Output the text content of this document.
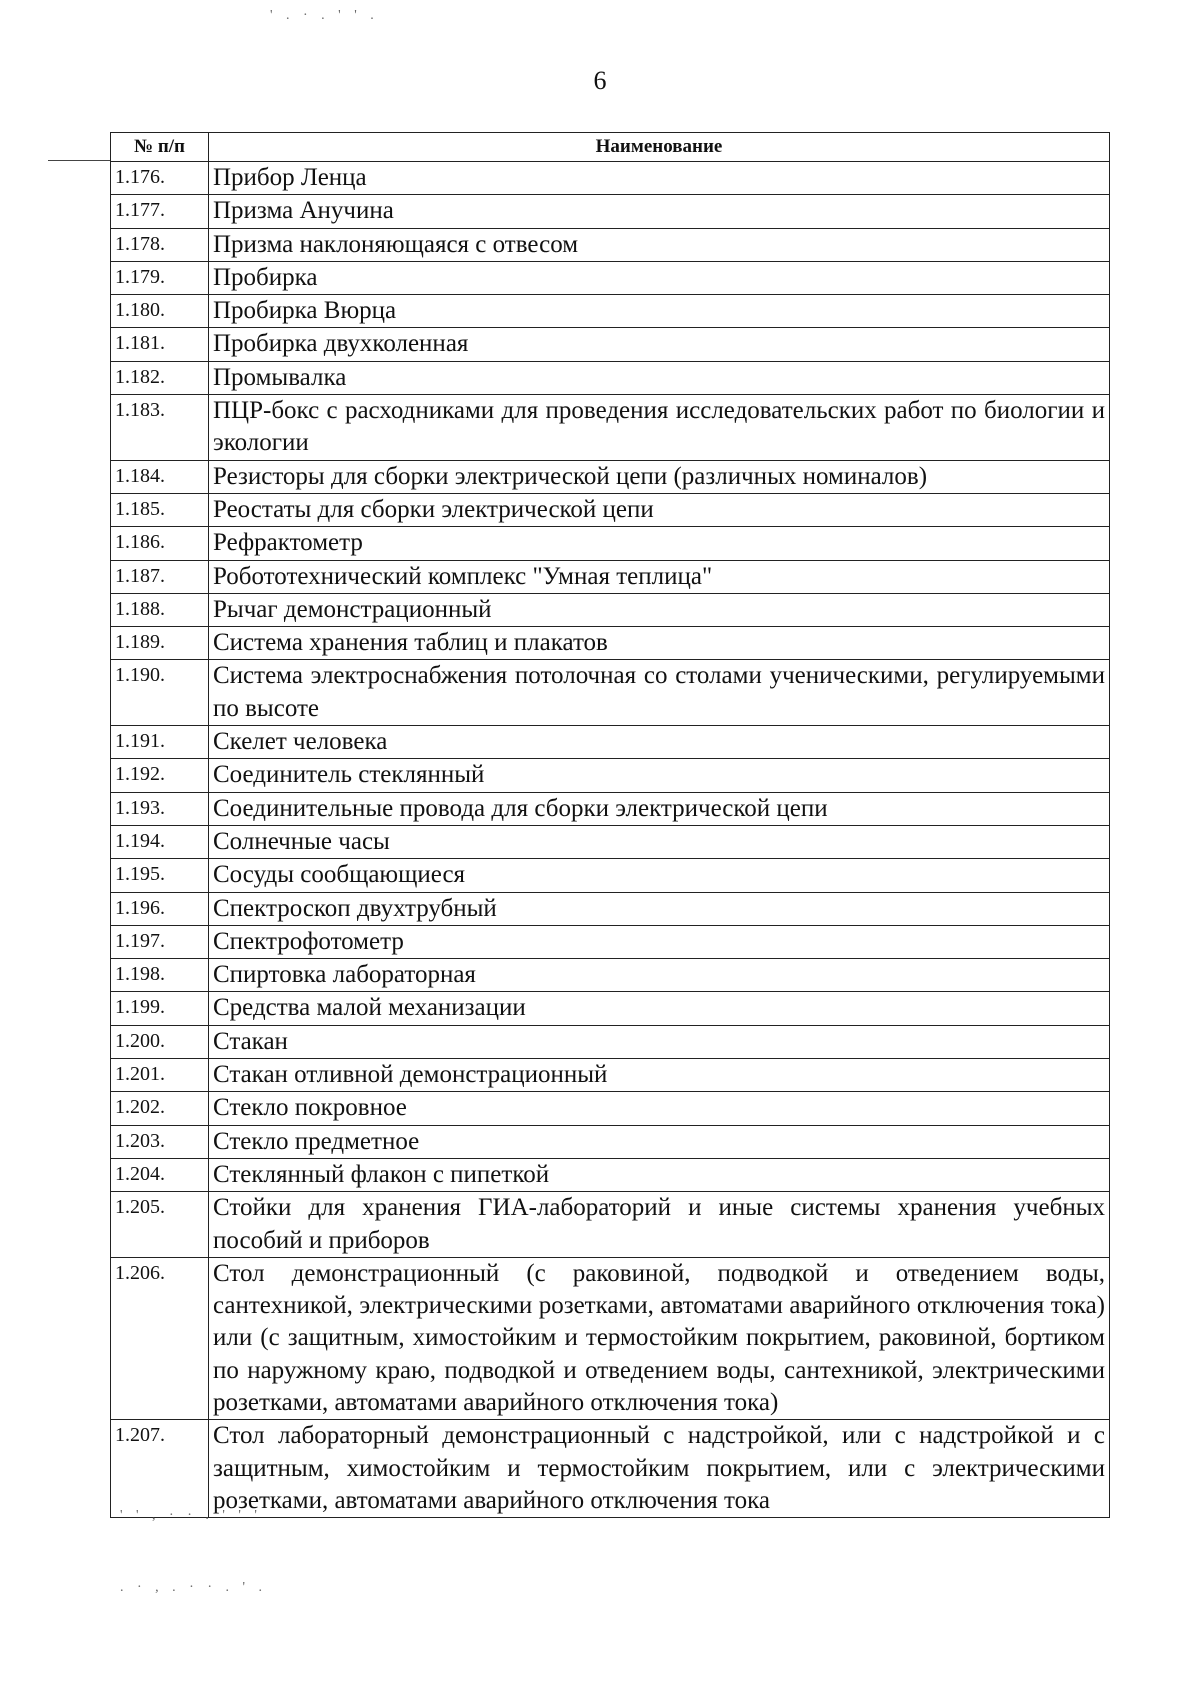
' . · . ' ' .
6
№ п/п	Наименование
1.176.	Прибор Ленца
1.177.	Призма Анучина
1.178.	Призма наклоняющаяся с отвесом
1.179.	Пробирка
1.180.	Пробирка Вюрца
1.181.	Пробирка двухколенная
1.182.	Промывалка
1.183.	ПЦР-бокс с расходниками для проведения исследовательских работ по биологии и экологии
1.184.	Резисторы для сборки электрической цепи (различных номиналов)
1.185.	Реостаты для сборки электрической цепи
1.186.	Рефрактометр
1.187.	Робототехнический комплекс "Умная теплица"
1.188.	Рычаг демонстрационный
1.189.	Система хранения таблиц и плакатов
1.190.	Система электроснабжения потолочная со столами ученическими, регулируемыми по высоте
1.191.	Скелет человека
1.192.	Соединитель стеклянный
1.193.	Соединительные провода для сборки электрической цепи
1.194.	Солнечные часы
1.195.	Сосуды сообщающиеся
1.196.	Спектроскоп двухтрубный
1.197.	Спектрофотометр
1.198.	Спиртовка лабораторная
1.199.	Средства малой механизации
1.200.	Стакан
1.201.	Стакан отливной демонстрационный
1.202.	Стекло покровное
1.203.	Стекло предметное
1.204.	Стеклянный флакон с пипеткой
1.205.	Стойки для хранения ГИА-лабораторий и иные системы хранения учебных пособий и приборов
1.206.	Стол демонстрационный (с раковиной, подводкой и отведением воды, сантехникой, электрическими розетками, автоматами аварийного отключения тока) или (с защитным, химостойким и термостойким покрытием, раковиной, бортиком по наружному краю, подводкой и отведением воды, сантехникой, электрическими розетками, автоматами аварийного отключения тока)
1.207.	Стол лабораторный демонстрационный с надстройкой, или с надстройкой и с защитным, химостойким и термостойким покрытием, или с электрическими розетками, автоматами аварийного отключения тока
' ' , · · . ' ' '
. · , . · · . ' .
